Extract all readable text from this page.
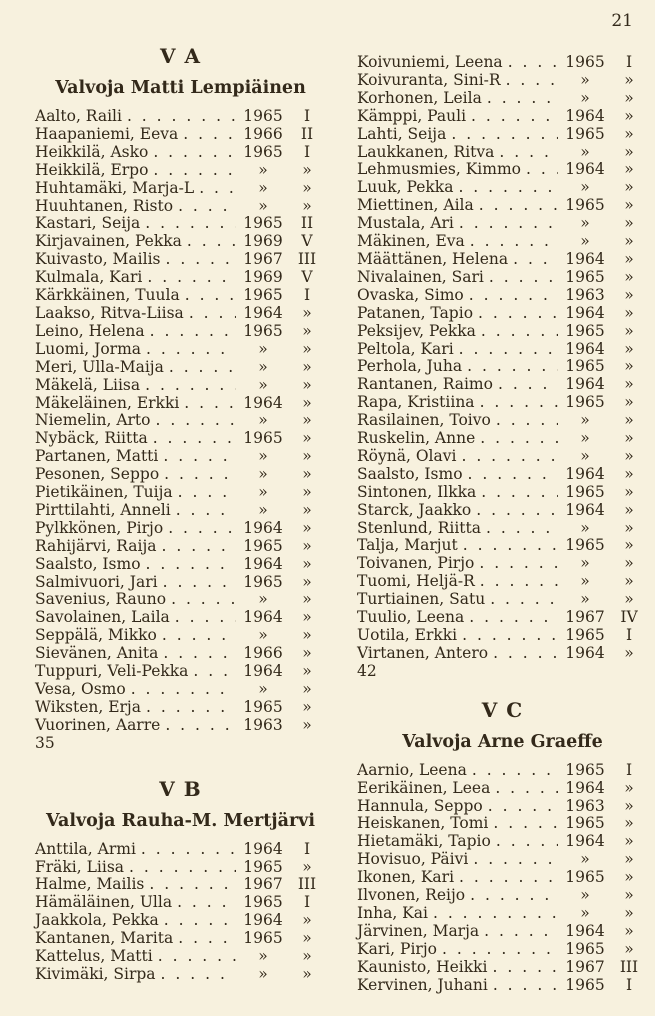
21
V A
Valvoja Matti Lempiäinen
Aalto, Raili . . .	1965	I
Haapaniemi, Eeva . . .	1966	II
Heikkilä, Asko . . .	1965	I
Heikkilä, Erpo . . .	»	»
Huhtamäki, Marja-L . . .	»	»
Huuhtanen, Risto . . .	»	»
Kastari, Seija . . .	1965	II
Kirjavainen, Pekka . . .	1969	V
Kuivasto, Mailis . . .	1967 III
Kulmala, Kari . . .	1969	V
Kärkkäinen, Tuula . . .	1965	I
Laakso, Ritva-Liisa . . .	1964	»
Leino, Helena . . .	1965	»
Luomi, Jorma . . .	»	»
Meri, Ulla-Maija . . .	»	»
Mäkelä, Liisa . . .	»	»
Mäkeläinen, Erkki . . .	1964	»
Niemelin, Arto . . .	»	»
Nybäck, Riitta . . .	1965	»
Partanen, Matti . . .	»	»
Pesonen, Seppo . . .	»	»
Pietikäinen, Tuija . . .	»	»
Pirttilahti, Anneli . . .	»	»
Pylkkönen, Pirjo . . .	1964	»
Rahijärvi, Raija . . .	1965	»
Saalsto, Ismo . . .	1964	»
Salmivuori, Jari . . .	1965	»
Savenius, Rauno . . .	»	»
Savolainen, Laila . . .	1964	»
Seppälä, Mikko . . .	»	»
Sievänen, Anita . . .	1966	»
Tuppuri, Veli-Pekka . . .	1964	»
Vesa, Osmo . . .	»	»
Wiksten, Erja . . .	1965	»
Vuorinen, Aarre . . .	1963	»
35
V B
Valvoja Rauha-M. Mertjärvi
Anttila, Armi . . .	1964	I
Fräki, Liisa . . .	1965	»
Halme, Mailis . . .	1967 III
Hämäläinen, Ulla . . .	1965	I
Jaakkola, Pekka . . .	1964	»
Kantanen, Marita . . .	1965	»
Kattelus, Matti . . .	»	»
Kivimäki, Sirpa . . .	»	»
Koivuniemi, Leena . . .	1965	I
Koivuranta, Sini-R . . .	»	»
Korhonen, Leila . . .	»	»
Kämppi, Pauli . . .	1964	»
Lahti, Seija . . .	1965	»
Laukkanen, Ritva . . .	»	»
Lehmusmies, Kimmo . . .	1964	»
Luuk, Pekka . . .	»	»
Miettinen, Aila . . .	1965	»
Mustala, Ari . . .	»	»
Mäkinen, Eva . . .	»	»
Määttänen, Helena . . .	1964	»
Nivalainen, Sari . . .	1965	»
Ovaska, Simo . . .	1963	»
Patanen, Tapio . . .	1964	»
Peksijev, Pekka . . .	1965	»
Peltola, Kari . . .	1964	»
Perhola, Juha . . .	1965	»
Rantanen, Raimo . . .	1964	»
Rapa, Kristiina . . .	1965	»
Rasilainen, Toivo . . .	»	»
Ruskelin, Anne . . .	»	»
Röynä, Olavi . . .	»	»
Saalsto, Ismo . . .	1964	»
Sintonen, Ilkka . . .	1965	»
Starck, Jaakko . . .	1964	»
Stenlund, Riitta . . .	»	»
Talja, Marjut . . .	1965	»
Toivanen, Pirjo . . .	»	»
Tuomi, Heljä-R . . .	»	»
Turtiainen, Satu . . .	»	»
Tuulio, Leena . . .	1967	IV
Uotila, Erkki . . .	1965	I
Virtanen, Antero . . .	1964	»
42
V C
Valvoja Arne Graeffe
Aarnio, Leena . . .	1965	I
Eerikäinen, Leea . . .	1964	»
Hannula, Seppo . . .	1963	»
Heiskanen, Tomi . . .	1965	»
Hietamäki, Tapio . . .	1964	»
Hovisuo, Päivi . . .	»	»
Ikonen, Kari . . .	1965	»
Ilvonen, Reijo . . .	»	»
Inha, Kai . . .	»	»
Järvinen, Marja . . .	1964	»
Kari, Pirjo . . .	1965	»
Kaunisto, Heikki . . .	1967 III
Kervinen, Juhani . . .	1965	I
